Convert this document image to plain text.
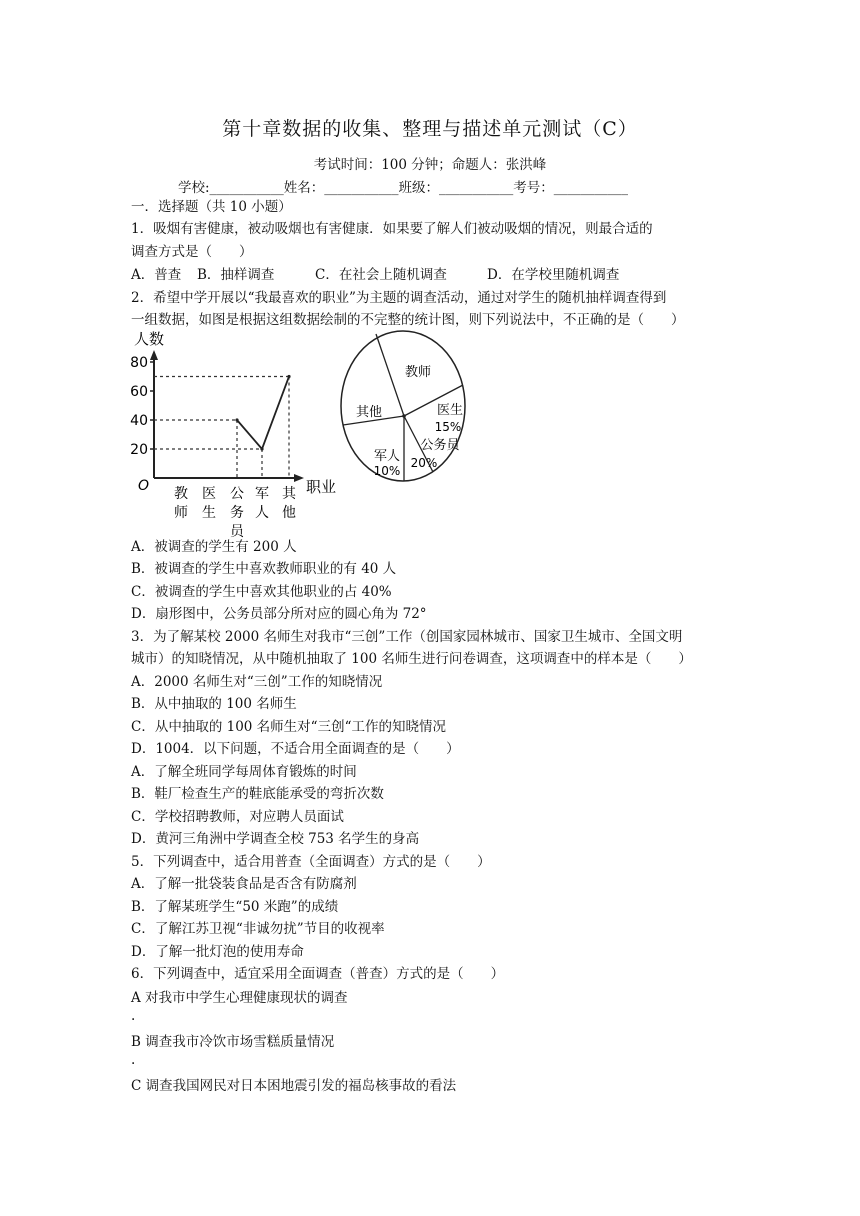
第十章数据的收集、整理与描述单元测试（C）
考试时间：100 分钟；命题人：张洪峰
学校:___________姓名：___________班级：___________考号：___________
一．选择题（共 10 小题）
1．吸烟有害健康，被动吸烟也有害健康．如果要了解人们被动吸烟的情况，则最合适的
调查方式是（　　）
A．普查 B．抽样调查	C．在社会上随机调查	D．在学校里随机调查
2．希望中学开展以“我最喜欢的职业”为主题的调查活动，通过对学生的随机抽样调查得到
一组数据，如图是根据这组数据绘制的不完整的统计图，则下列说法中，不正确的是（　　）
人数
职业
O
20
40
60
80
教
师
医
生
公
务
员
军
人
其
他
教师
医生
15%
公务员
20%
军人
10%
其他
A．被调查的学生有 200 人
B．被调查的学生中喜欢教师职业的有 40 人
C．被调查的学生中喜欢其他职业的占 40%
D．扇形图中，公务员部分所对应的圆心角为 72°
3．为了解某校 2000 名师生对我市“三创”工作（创国家园林城市、国家卫生城市、全国文明
城市）的知晓情况，从中随机抽取了 100 名师生进行问卷调查，这项调查中的样本是（　　）
A．2000 名师生对“三创”工作的知晓情况
B．从中抽取的 100 名师生
C．从中抽取的 100 名师生对“三创“工作的知晓情况
D．1004．以下问题，不适合用全面调查的是（　　）
A．了解全班同学每周体育锻炼的时间
B．鞋厂检查生产的鞋底能承受的弯折次数
C．学校招聘教师，对应聘人员面试
D．黄河三角洲中学调查全校 753 名学生的身高
5．下列调查中，适合用普查（全面调查）方式的是（　　）
A．了解一批袋装食品是否含有防腐剂
B．了解某班学生“50 米跑”的成绩
C．了解江苏卫视“非诚勿扰”节目的收视率
D．了解一批灯泡的使用寿命
6．下列调查中，适宜采用全面调查（普查）方式的是（　　）
A 对我市中学生心理健康现状的调查
.
B 调查我市冷饮市场雪糕质量情况
.
C 调查我国网民对日本困地震引发的福岛核事故的看法
